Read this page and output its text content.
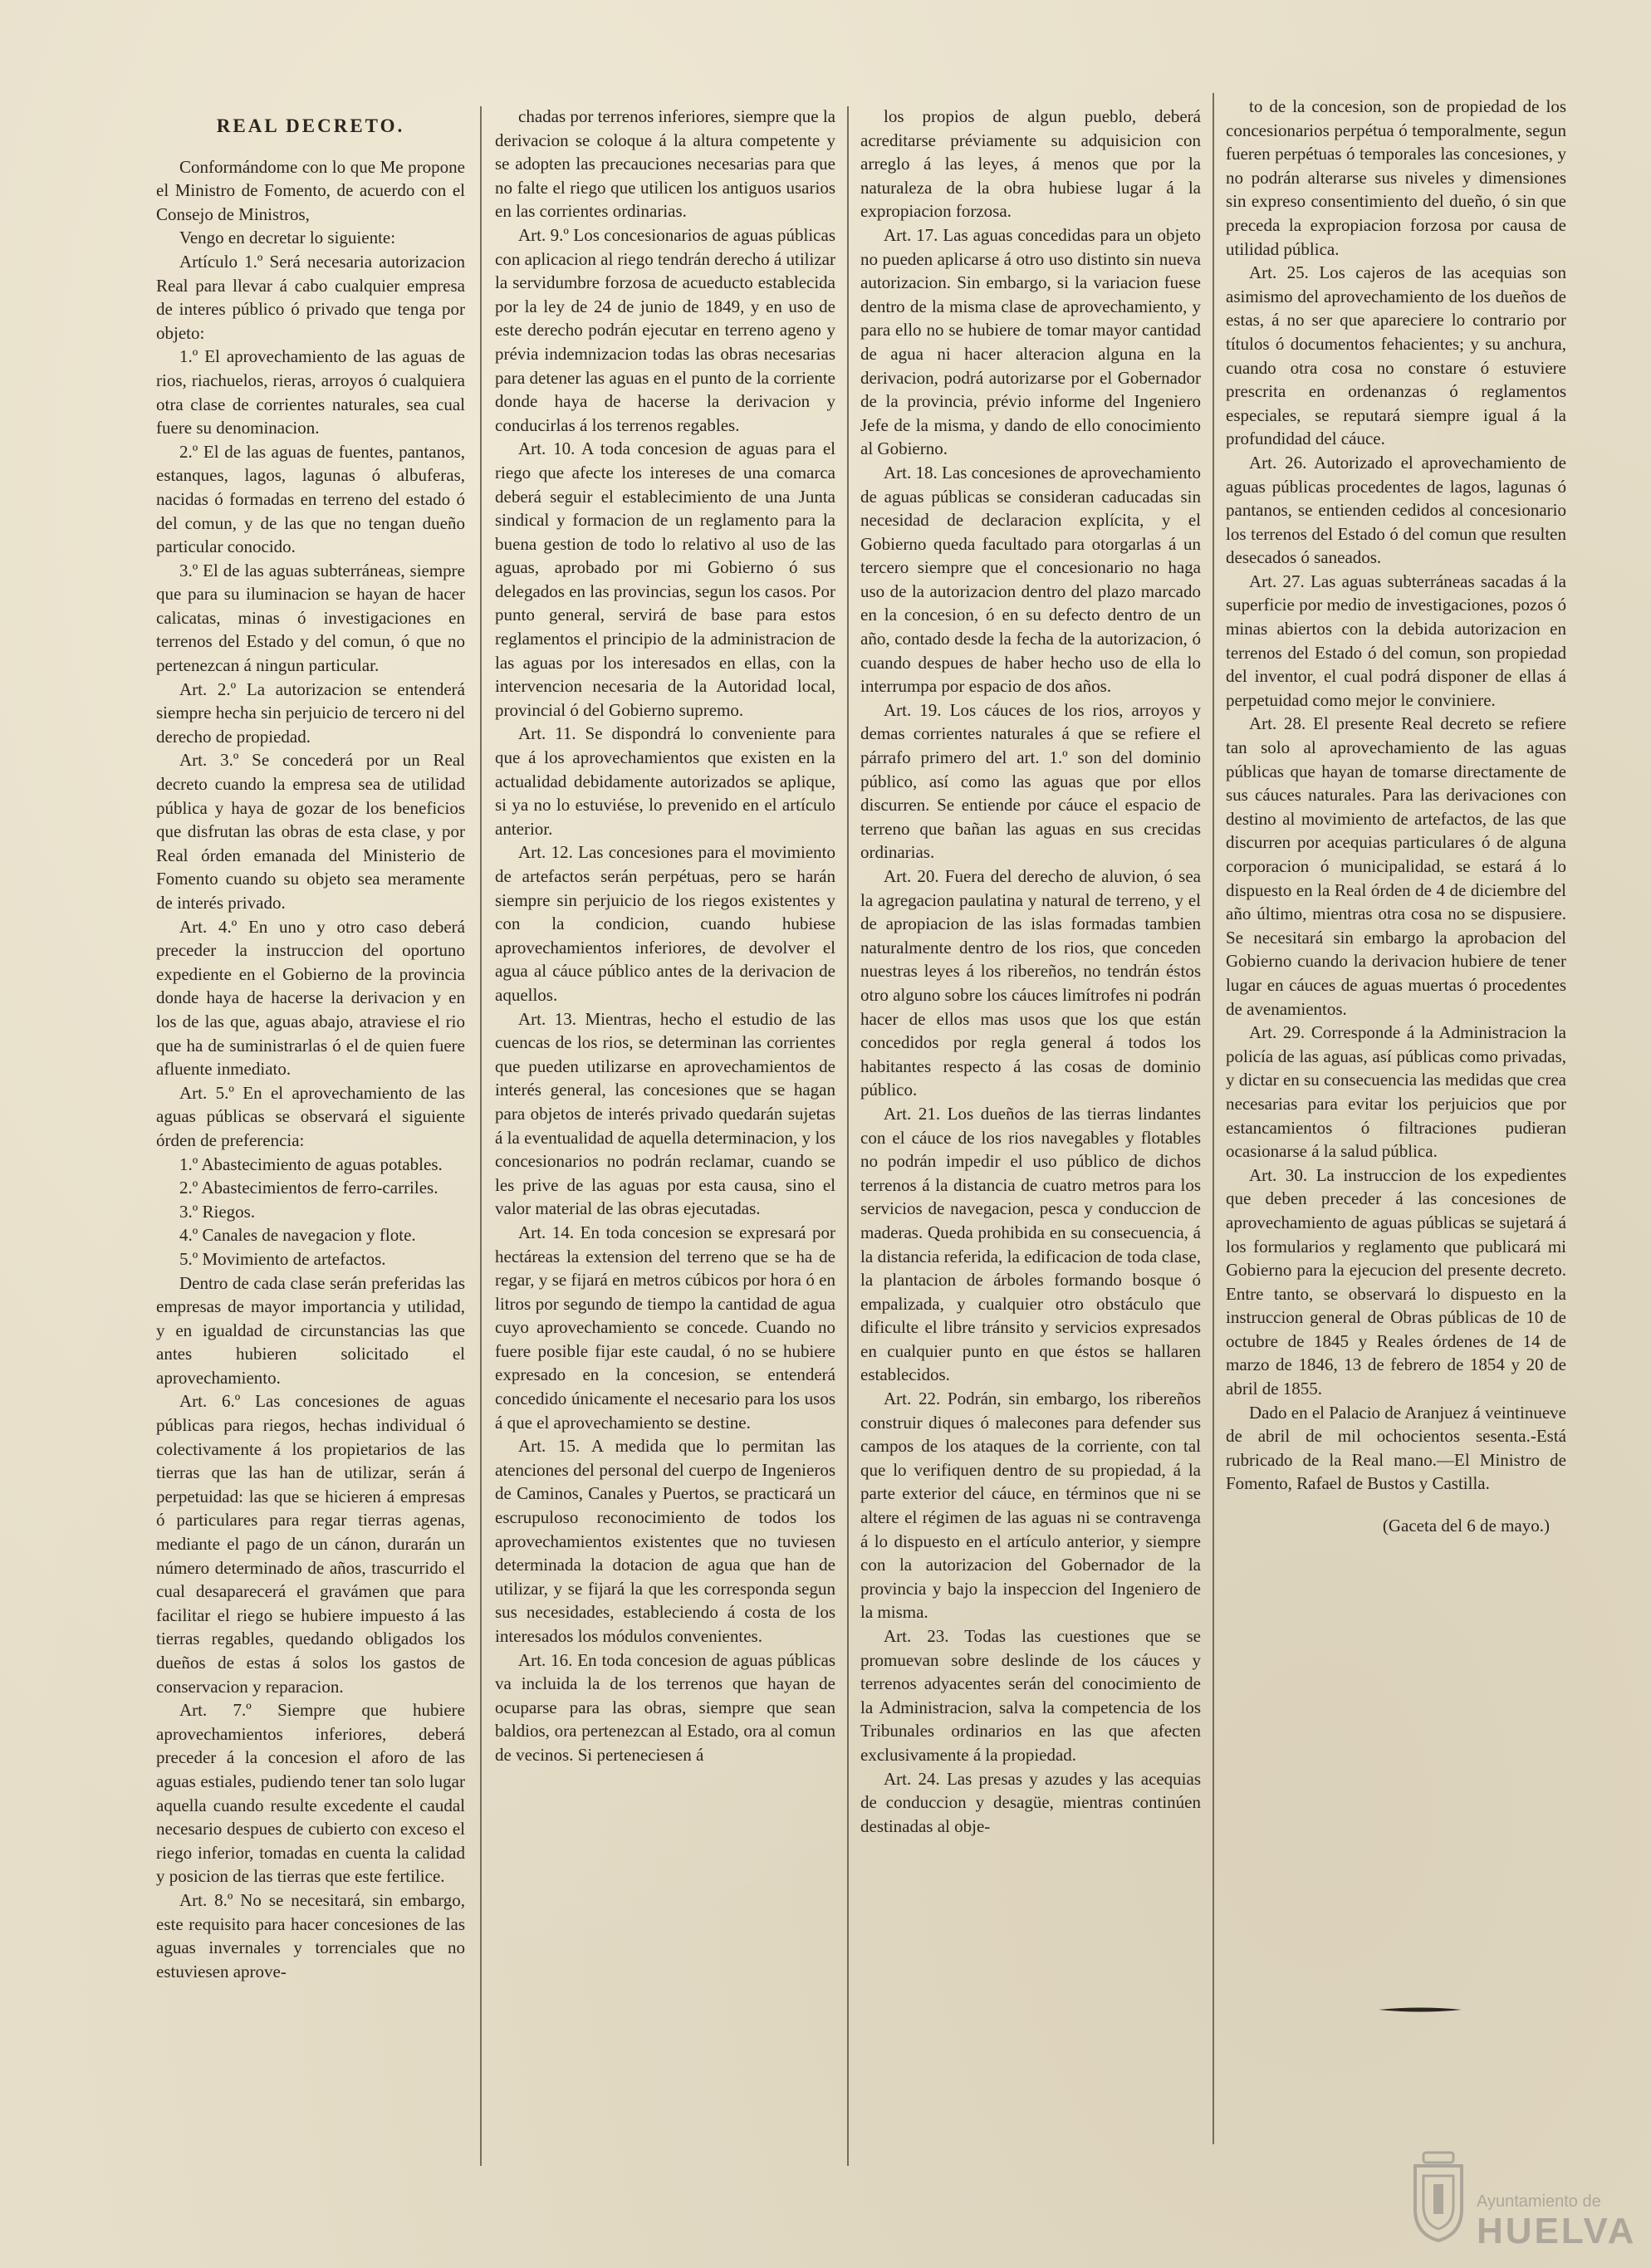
REAL DECRETO.

Conformándome con lo que Me propone el Ministro de Fomento, de acuerdo con el Consejo de Ministros,

Vengo en decretar lo siguiente:

Artículo 1.º Será necesaria autorizacion Real para llevar á cabo cualquier empresa de interes público ó privado que tenga por objeto:

1.º El aprovechamiento de las aguas de rios, riachuelos, rieras, arroyos ó cualquiera otra clase de corrientes naturales, sea cual fuere su denominacion.

2.º El de las aguas de fuentes, pantanos, estanques, lagos, lagunas ó albuferas, nacidas ó formadas en terreno del estado ó del comun, y de las que no tengan dueño particular conocido.

3.º El de las aguas subterráneas, siempre que para su iluminacion se hayan de hacer calicatas, minas ó investigaciones en terrenos del Estado y del comun, ó que no pertenezcan á ningun particular.

Art. 2.º La autorizacion se entenderá siempre hecha sin perjuicio de tercero ni del derecho de propiedad.

Art. 3.º Se concederá por un Real decreto cuando la empresa sea de utilidad pública y haya de gozar de los beneficios que disfrutan las obras de esta clase, y por Real órden emanada del Ministerio de Fomento cuando su objeto sea meramente de interés privado.

Art. 4.º En uno y otro caso deberá preceder la instruccion del oportuno expediente en el Gobierno de la provincia donde haya de hacerse la derivacion y en los de las que, aguas abajo, atraviese el rio que ha de suministrarlas ó el de quien fuere afluente inmediato.

Art. 5.º En el aprovechamiento de las aguas públicas se observará el siguiente órden de preferencia:

1.º Abastecimiento de aguas potables.

2.º Abastecimientos de ferro-carriles.

3.º Riegos.

4.º Canales de navegacion y flote.

5.º Movimiento de artefactos.

Dentro de cada clase serán preferidas las empresas de mayor importancia y utilidad, y en igualdad de circunstancias las que antes hubieren solicitado el aprovechamiento.

Art. 6.º Las concesiones de aguas públicas para riegos, hechas individual ó colectivamente á los propietarios de las tierras que las han de utilizar, serán á perpetuidad: las que se hicieren á empresas ó particulares para regar tierras agenas, mediante el pago de un cánon, durarán un número determinado de años, trascurrido el cual desaparecerá el gravámen que para facilitar el riego se hubiere impuesto á las tierras regables, quedando obligados los dueños de estas á solos los gastos de conservacion y reparacion.

Art. 7.º Siempre que hubiere aprovechamientos inferiores, deberá preceder á la concesion el aforo de las aguas estiales, pudiendo tener tan solo lugar aquella cuando resulte excedente el caudal necesario despues de cubierto con exceso el riego inferior, tomadas en cuenta la calidad y posicion de las tierras que este fertilice.

Art. 8.º No se necesitará, sin embargo, este requisito para hacer concesiones de las aguas invernales y torrenciales que no estuviesen aprove-

chadas por terrenos inferiores, siempre que la derivacion se coloque á la altura competente y se adopten las precauciones necesarias para que no falte el riego que utilicen los antiguos usarios en las corrientes ordinarias.

Art. 9.º Los concesionarios de aguas públicas con aplicacion al riego tendrán derecho á utilizar la servidumbre forzosa de acueducto establecida por la ley de 24 de junio de 1849, y en uso de este derecho podrán ejecutar en terreno ageno y prévia indemnizacion todas las obras necesarias para detener las aguas en el punto de la corriente donde haya de hacerse la derivacion y conducirlas á los terrenos regables.

Art. 10. A toda concesion de aguas para el riego que afecte los intereses de una comarca deberá seguir el establecimiento de una Junta sindical y formacion de un reglamento para la buena gestion de todo lo relativo al uso de las aguas, aprobado por mi Gobierno ó sus delegados en las provincias, segun los casos. Por punto general, servirá de base para estos reglamentos el principio de la administracion de las aguas por los interesados en ellas, con la intervencion necesaria de la Autoridad local, provincial ó del Gobierno supremo.

Art. 11. Se dispondrá lo conveniente para que á los aprovechamientos que existen en la actualidad debidamente autorizados se aplique, si ya no lo estuviése, lo prevenido en el artículo anterior.

Art. 12. Las concesiones para el movimiento de artefactos serán perpétuas, pero se harán siempre sin perjuicio de los riegos existentes y con la condicion, cuando hubiese aprovechamientos inferiores, de devolver el agua al cáuce público antes de la derivacion de aquellos.

Art. 13. Mientras, hecho el estudio de las cuencas de los rios, se determinan las corrientes que pueden utilizarse en aprovechamientos de interés general, las concesiones que se hagan para objetos de interés privado quedarán sujetas á la eventualidad de aquella determinacion, y los concesionarios no podrán reclamar, cuando se les prive de las aguas por esta causa, sino el valor material de las obras ejecutadas.

Art. 14. En toda concesion se expresará por hectáreas la extension del terreno que se ha de regar, y se fijará en metros cúbicos por hora ó en litros por segundo de tiempo la cantidad de agua cuyo aprovechamiento se concede. Cuando no fuere posible fijar este caudal, ó no se hubiere expresado en la concesion, se entenderá concedido únicamente el necesario para los usos á que el aprovechamiento se destine.

Art. 15. A medida que lo permitan las atenciones del personal del cuerpo de Ingenieros de Caminos, Canales y Puertos, se practicará un escrupuloso reconocimiento de todos los aprovechamientos existentes que no tuviesen determinada la dotacion de agua que han de utilizar, y se fijará la que les corresponda segun sus necesidades, estableciendo á costa de los interesados los módulos convenientes.

Art. 16. En toda concesion de aguas públicas va incluida la de los terrenos que hayan de ocuparse para las obras, siempre que sean baldios, ora pertenezcan al Estado, ora al comun de vecinos. Si perteneciesen á

los propios de algun pueblo, deberá acreditarse préviamente su adquisicion con arreglo á las leyes, á menos que por la naturaleza de la obra hubiese lugar á la expropiacion forzosa.

Art. 17. Las aguas concedidas para un objeto no pueden aplicarse á otro uso distinto sin nueva autorizacion. Sin embargo, si la variacion fuese dentro de la misma clase de aprovechamiento, y para ello no se hubiere de tomar mayor cantidad de agua ni hacer alteracion alguna en la derivacion, podrá autorizarse por el Gobernador de la provincia, prévio informe del Ingeniero Jefe de la misma, y dando de ello conocimiento al Gobierno.

Art. 18. Las concesiones de aprovechamiento de aguas públicas se consideran caducadas sin necesidad de declaracion explícita, y el Gobierno queda facultado para otorgarlas á un tercero siempre que el concesionario no haga uso de la autorizacion dentro del plazo marcado en la concesion, ó en su defecto dentro de un año, contado desde la fecha de la autorizacion, ó cuando despues de haber hecho uso de ella lo interrumpa por espacio de dos años.

Art. 19. Los cáuces de los rios, arroyos y demas corrientes naturales á que se refiere el párrafo primero del art. 1.º son del dominio público, así como las aguas que por ellos discurren. Se entiende por cáuce el espacio de terreno que bañan las aguas en sus crecidas ordinarias.

Art. 20. Fuera del derecho de aluvion, ó sea la agregacion paulatina y natural de terreno, y el de apropiacion de las islas formadas tambien naturalmente dentro de los rios, que conceden nuestras leyes á los ribereños, no tendrán éstos otro alguno sobre los cáuces limítrofes ni podrán hacer de ellos mas usos que los que están concedidos por regla general á todos los habitantes respecto á las cosas de dominio público.

Art. 21. Los dueños de las tierras lindantes con el cáuce de los rios navegables y flotables no podrán impedir el uso público de dichos terrenos á la distancia de cuatro metros para los servicios de navegacion, pesca y conduccion de maderas. Queda prohibida en su consecuencia, á la distancia referida, la edificacion de toda clase, la plantacion de árboles formando bosque ó empalizada, y cualquier otro obstáculo que dificulte el libre tránsito y servicios expresados en cualquier punto en que éstos se hallaren establecidos.

Art. 22. Podrán, sin embargo, los ribereños construir diques ó malecones para defender sus campos de los ataques de la corriente, con tal que lo verifiquen dentro de su propiedad, á la parte exterior del cáuce, en términos que ni se altere el régimen de las aguas ni se contravenga á lo dispuesto en el artículo anterior, y siempre con la autorizacion del Gobernador de la provincia y bajo la inspeccion del Ingeniero de la misma.

Art. 23. Todas las cuestiones que se promuevan sobre deslinde de los cáuces y terrenos adyacentes serán del conocimiento de la Administracion, salva la competencia de los Tribunales ordinarios en las que afecten exclusivamente á la propiedad.

Art. 24. Las presas y azudes y las acequias de conduccion y desagüe, mientras continúen destinadas al obje-

to de la concesion, son de propiedad de los concesionarios perpétua ó temporalmente, segun fueren perpétuas ó temporales las concesiones, y no podrán alterarse sus niveles y dimensiones sin expreso consentimiento del dueño, ó sin que preceda la expropiacion forzosa por causa de utilidad pública.

Art. 25. Los cajeros de las acequias son asimismo del aprovechamiento de los dueños de estas, á no ser que apareciere lo contrario por títulos ó documentos fehacientes; y su anchura, cuando otra cosa no constare ó estuviere prescrita en ordenanzas ó reglamentos especiales, se reputará siempre igual á la profundidad del cáuce.

Art. 26. Autorizado el aprovechamiento de aguas públicas procedentes de lagos, lagunas ó pantanos, se entienden cedidos al concesionario los terrenos del Estado ó del comun que resulten desecados ó saneados.

Art. 27. Las aguas subterráneas sacadas á la superficie por medio de investigaciones, pozos ó minas abiertos con la debida autorizacion en terrenos del Estado ó del comun, son propiedad del inventor, el cual podrá disponer de ellas á perpetuidad como mejor le conviniere.

Art. 28. El presente Real decreto se refiere tan solo al aprovechamiento de las aguas públicas que hayan de tomarse directamente de sus cáuces naturales. Para las derivaciones con destino al movimiento de artefactos, de las que discurren por acequias particulares ó de alguna corporacion ó municipalidad, se estará á lo dispuesto en la Real órden de 4 de diciembre del año último, mientras otra cosa no se dispusiere. Se necesitará sin embargo la aprobacion del Gobierno cuando la derivacion hubiere de tener lugar en cáuces de aguas muertas ó procedentes de avenamientos.

Art. 29. Corresponde á la Administracion la policía de las aguas, así públicas como privadas, y dictar en su consecuencia las medidas que crea necesarias para evitar los perjuicios que por estancamientos ó filtraciones pudieran ocasionarse á la salud pública.

Art. 30. La instruccion de los expedientes que deben preceder á las concesiones de aprovechamiento de aguas públicas se sujetará á los formularios y reglamento que publicará mi Gobierno para la ejecucion del presente decreto. Entre tanto, se observará lo dispuesto en la instruccion general de Obras públicas de 10 de octubre de 1845 y Reales órdenes de 14 de marzo de 1846, 13 de febrero de 1854 y 20 de abril de 1855.

Dado en el Palacio de Aranjuez á veintinueve de abril de mil ochocientos sesenta.-Está rubricado de la Real mano.—El Ministro de Fomento, Rafael de Bustos y Castilla.

(Gaceta del 6 de mayo.)

Ayuntamiento de
HUELVA
